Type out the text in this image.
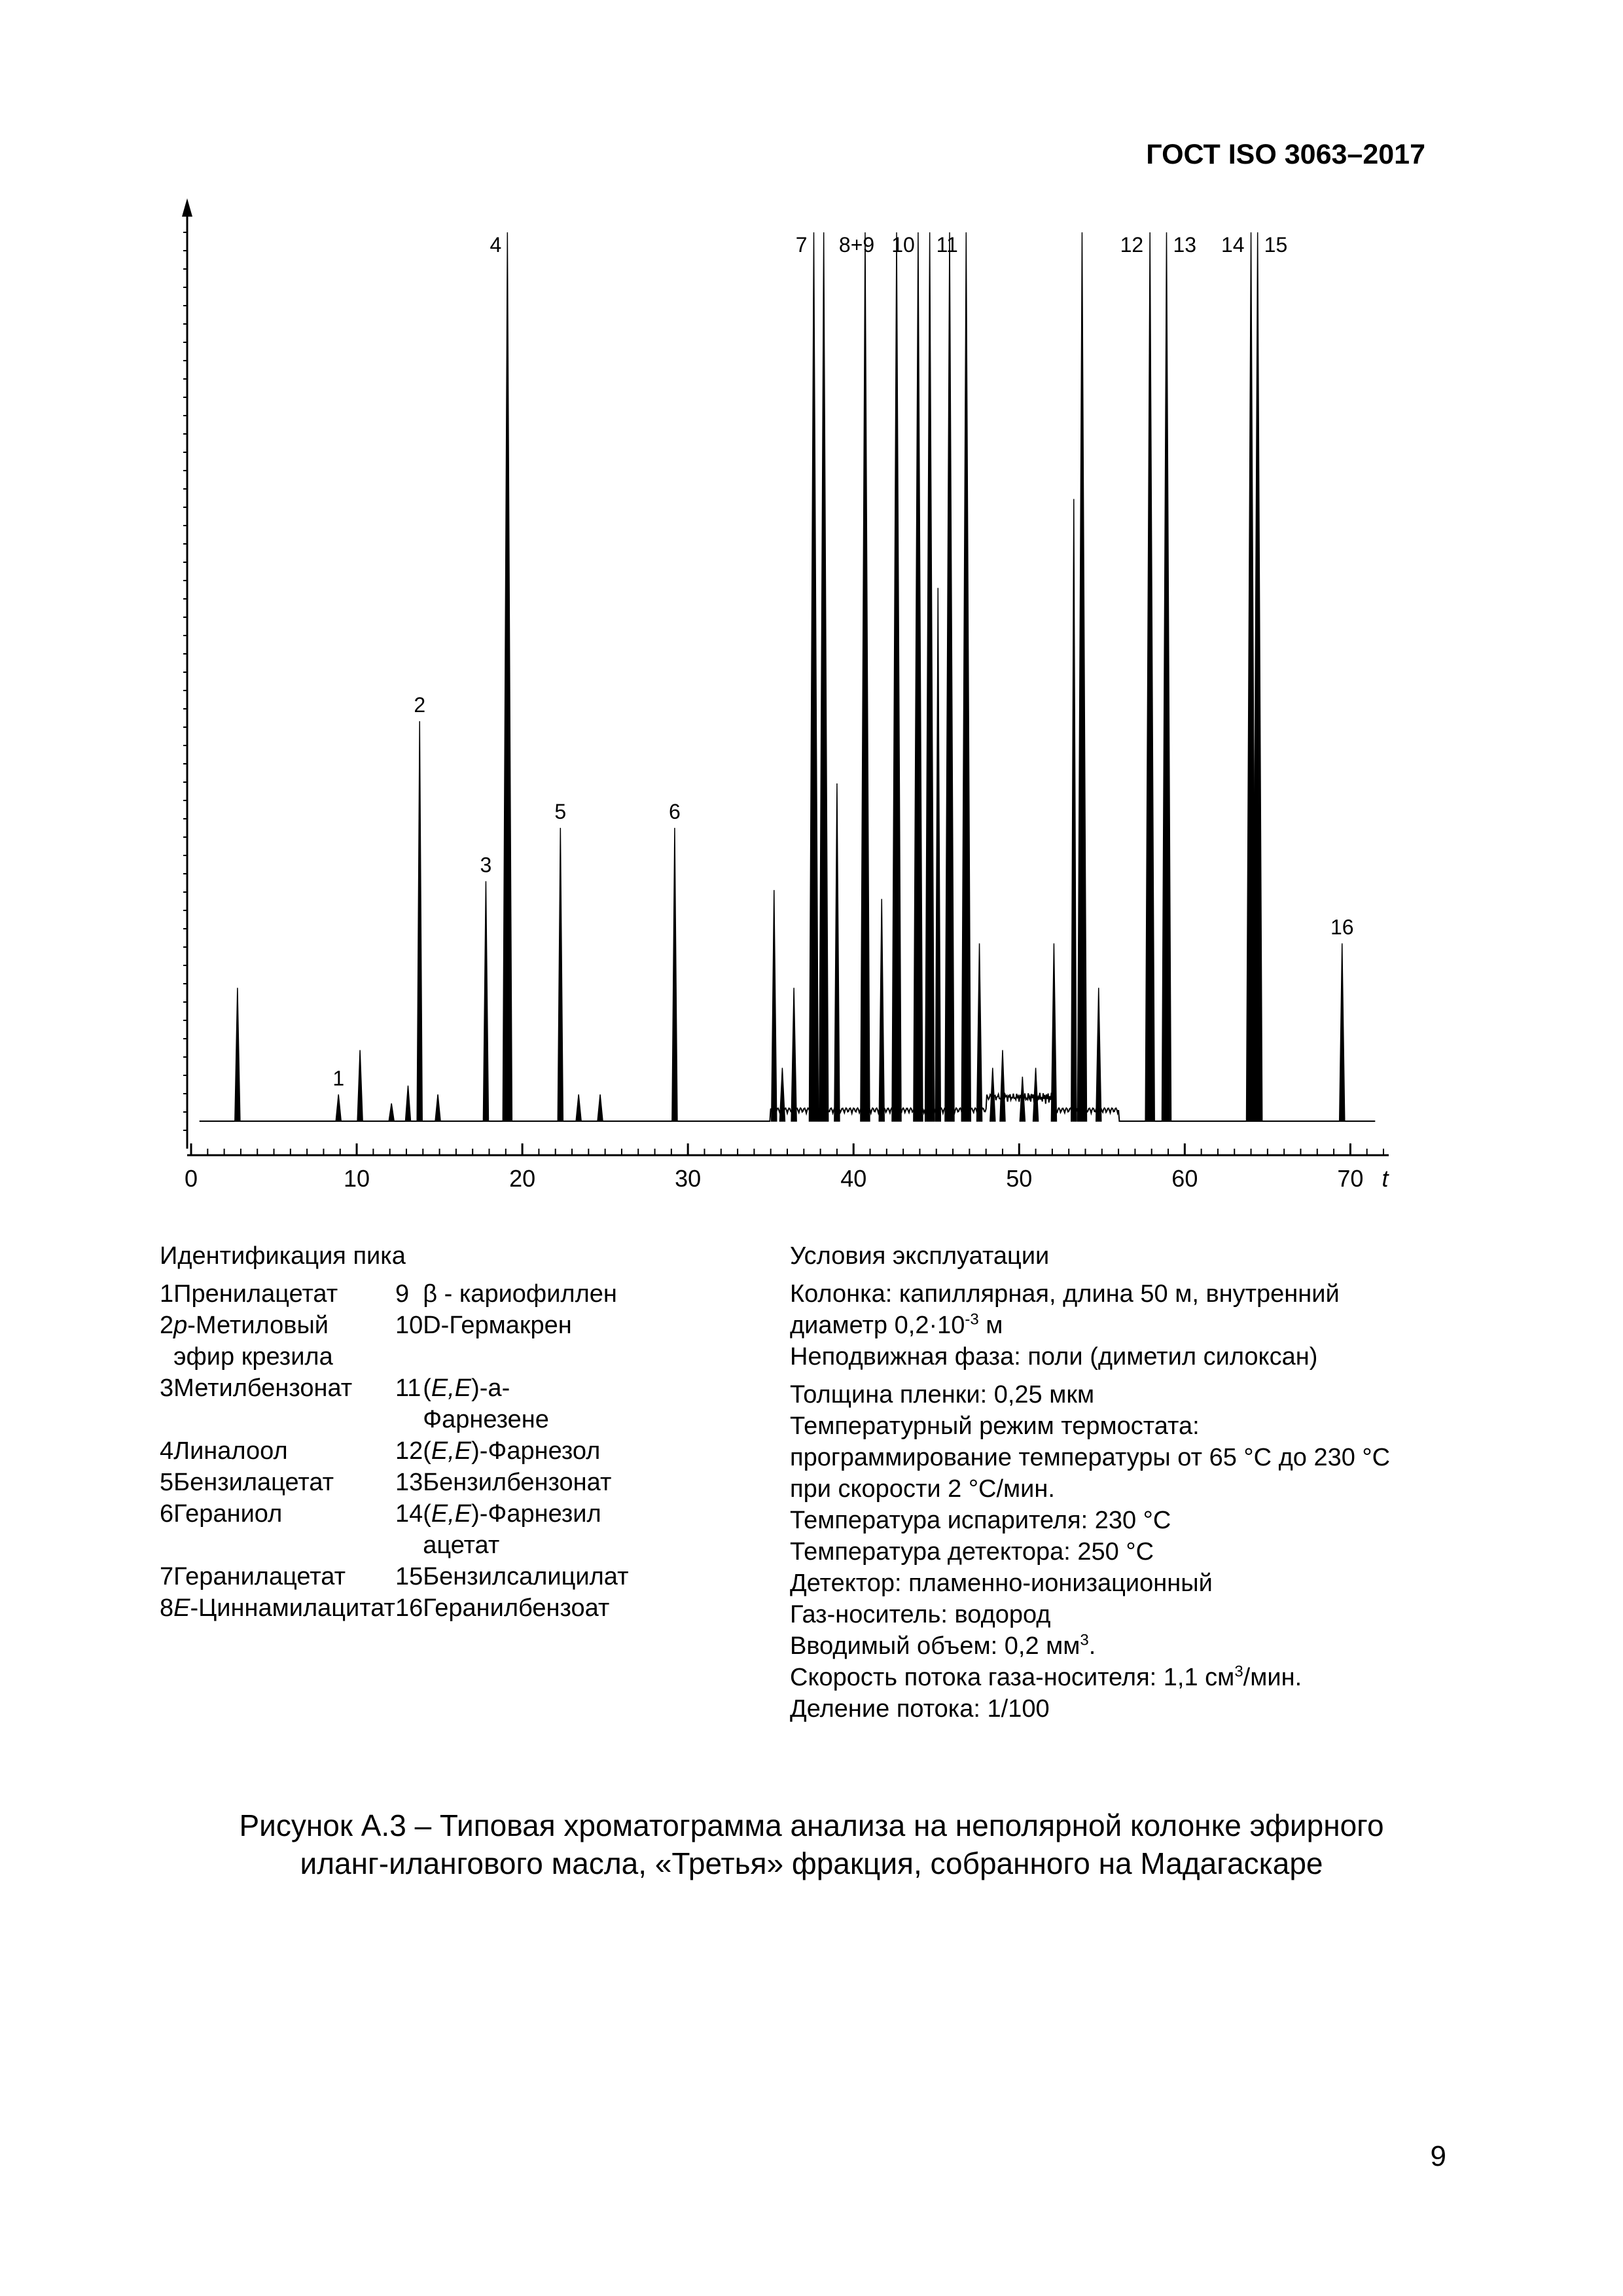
ГОСТ ISO 3063–2017
1
2
3
4
5	6
7 8+9 10 11	12 13 14 15
16
0	10	20	30	40	50	60	70 t
Идентификация пика	Условия эксплуатации
1	Пренилацетат	9	β - кариофиллен
2	p-Метиловый эфир крезила	10	D-Гермакрен
3	Метилбензонат	11	(E,E)-а-Фарнезене
4	Линалоол	12	(E,E)-Фарнезол
5	Бензилацетат	13	Бензилбензонат
6	Гераниол	14	(E,E)-Фарнезил ацетат
7	Геранилацетат	15	Бензилсалицилат
8	E-Циннамилацитат	16	Геранилбензоат
Колонка: капиллярная, длина 50 м, внутренний
диаметр $0,2\cdot 10^{-3}$ м
Неподвижная фаза: поли (диметил силоксан)
Толщина пленки: 0,25 мкм
Температурный режим термостата:
программирование температуры от 65 °С до 230 °С
при скорости 2 °С/мин.
Температура испарителя: 230 °С
Температура детектора: 250 °С
Детектор: пламенно-ионизационный
Газ-носитель: водород
Вводимый объем: 0,2 $мм^3$.
Скорость потока газа-носителя: 1,1 $см^3$/мин.
Деление потока: 1/100
Рисунок А.3 – Типовая хроматограмма анализа на неполярной колонке эфирного
иланг-илангового масла, «Третья» фракция, собранного на Мадагаскаре
9
